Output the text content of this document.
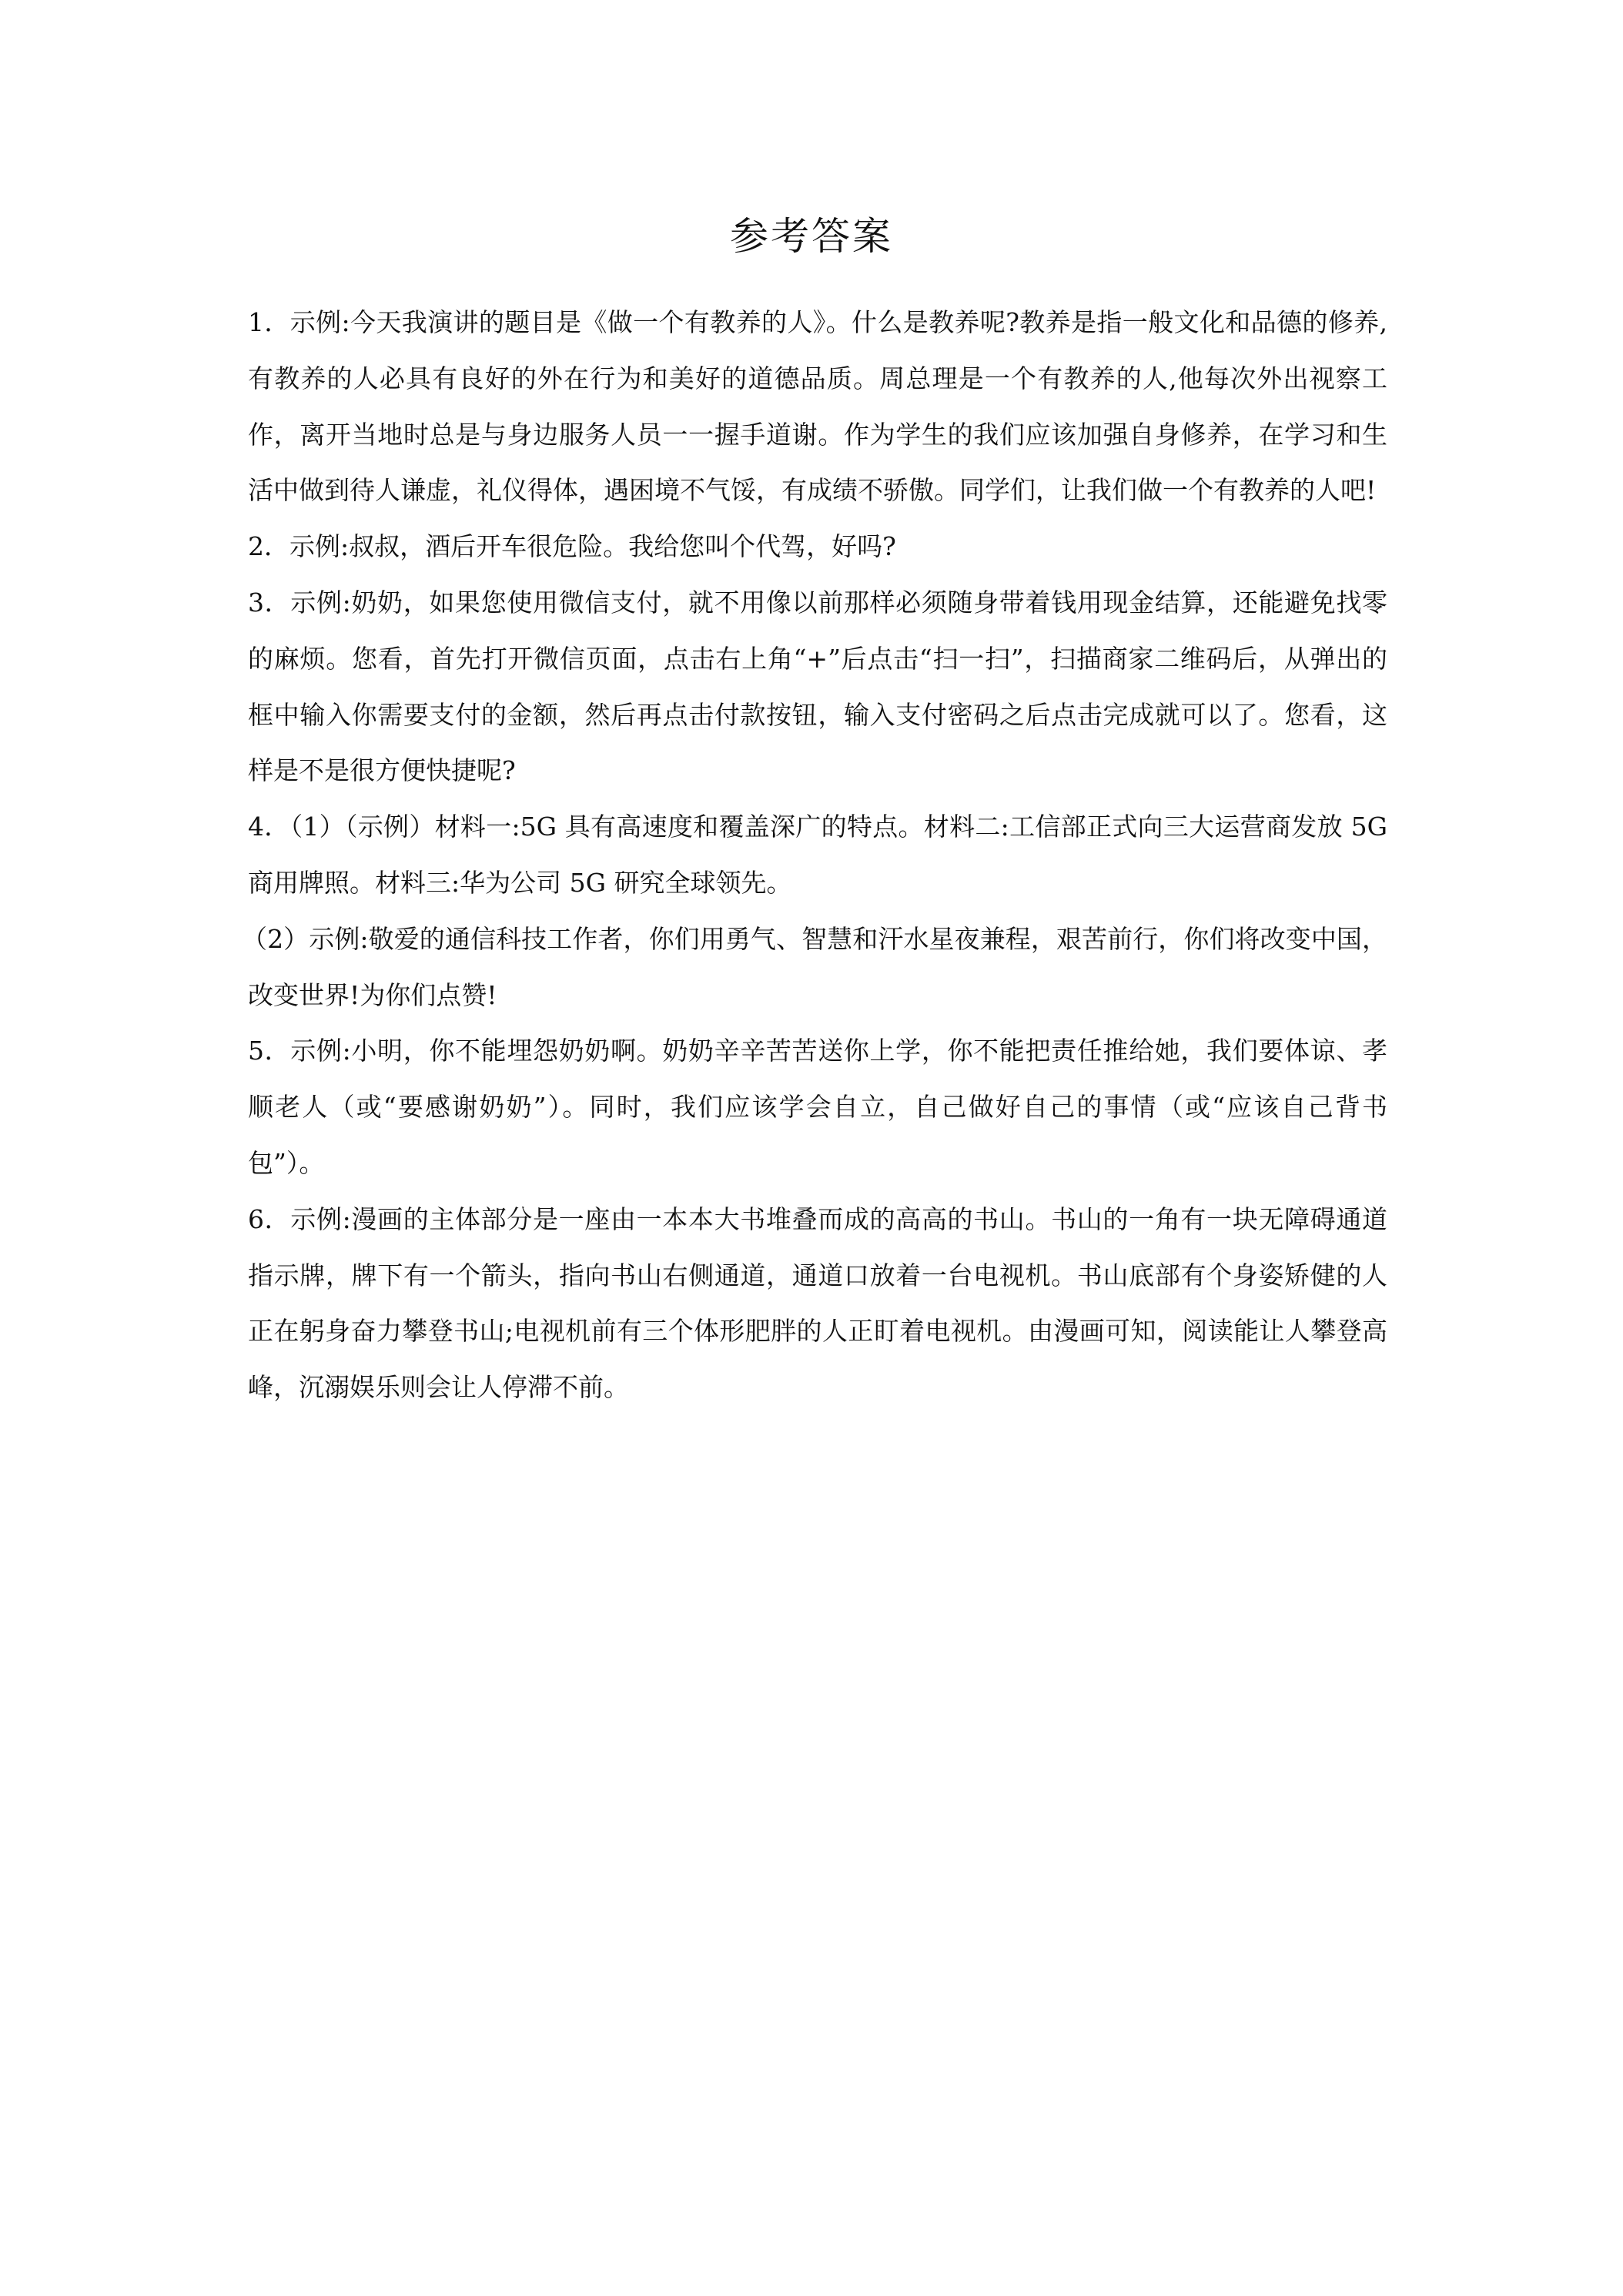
参考答案

1．示例:今天我演讲的题目是《做一个有教养的人》。什么是教养呢?教养是指一般文化和品德的修养,有教养的人必具有良好的外在行为和美好的道德品质。周总理是一个有教养的人,他每次外出视察工作，离开当地时总是与身边服务人员一一握手道谢。作为学生的我们应该加强自身修养，在学习和生活中做到待人谦虚，礼仪得体，遇困境不气馁，有成绩不骄傲。同学们，让我们做一个有教养的人吧!

2．示例:叔叔，酒后开车很危险。我给您叫个代驾，好吗?

3．示例:奶奶，如果您使用微信支付，就不用像以前那样必须随身带着钱用现金结算，还能避免找零的麻烦。您看，首先打开微信页面，点击右上角“+”后点击“扫一扫”，扫描商家二维码后，从弹出的框中输入你需要支付的金额，然后再点击付款按钮，输入支付密码之后点击完成就可以了。您看，这样是不是很方便快捷呢?

4．（1）（示例）材料一:5G 具有高速度和覆盖深广的特点。材料二:工信部正式向三大运营商发放 5G 商用牌照。材料三:华为公司 5G 研究全球领先。

（2）示例:敬爱的通信科技工作者，你们用勇气、智慧和汗水星夜兼程，艰苦前行，你们将改变中国，改变世界!为你们点赞!

5．示例:小明，你不能埋怨奶奶啊。奶奶辛辛苦苦送你上学，你不能把责任推给她，我们要体谅、孝顺老人（或“要感谢奶奶”）。同时，我们应该学会自立，自己做好自己的事情（或“应该自己背书包”）。

6．示例:漫画的主体部分是一座由一本本大书堆叠而成的高高的书山。书山的一角有一块无障碍通道指示牌，牌下有一个箭头，指向书山右侧通道，通道口放着一台电视机。书山底部有个身姿矫健的人正在躬身奋力攀登书山;电视机前有三个体形肥胖的人正盯着电视机。由漫画可知，阅读能让人攀登高峰，沉溺娱乐则会让人停滞不前。
